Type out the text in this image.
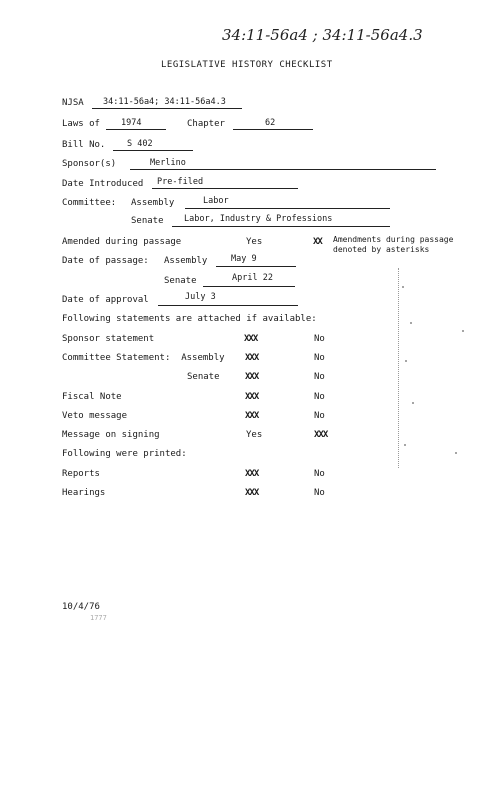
34:11-56a4 ; 34:11-56a4.3
LEGISLATIVE HISTORY CHECKLIST
NJSA 34:11-56a4; 34:11-56a4.3
Laws of 1974	Chapter	62
Bill No.	S 402
Sponsor(s)	Merlino
Date Introduced Pre-filed
Committee: Assembly	Labor
Senate Labor, Industry & Professions
Amended during passage	Yes	XX Amendments during passage
denoted by asterisks
Date of passage: Assembly	May 9
Senate	April 22
Date of approval	July 3
Following statements are attached if available:
Sponsor statement	XXX	No
Committee Statement:  Assembly XXX	No
Senate	XXX	No
Fiscal Note	XXX	No
Veto message	XXX	No
Message on signing	Yes	XXX
Following were printed:
Reports	XXX	No
Hearings	XXX	No
10/4/76
1777
